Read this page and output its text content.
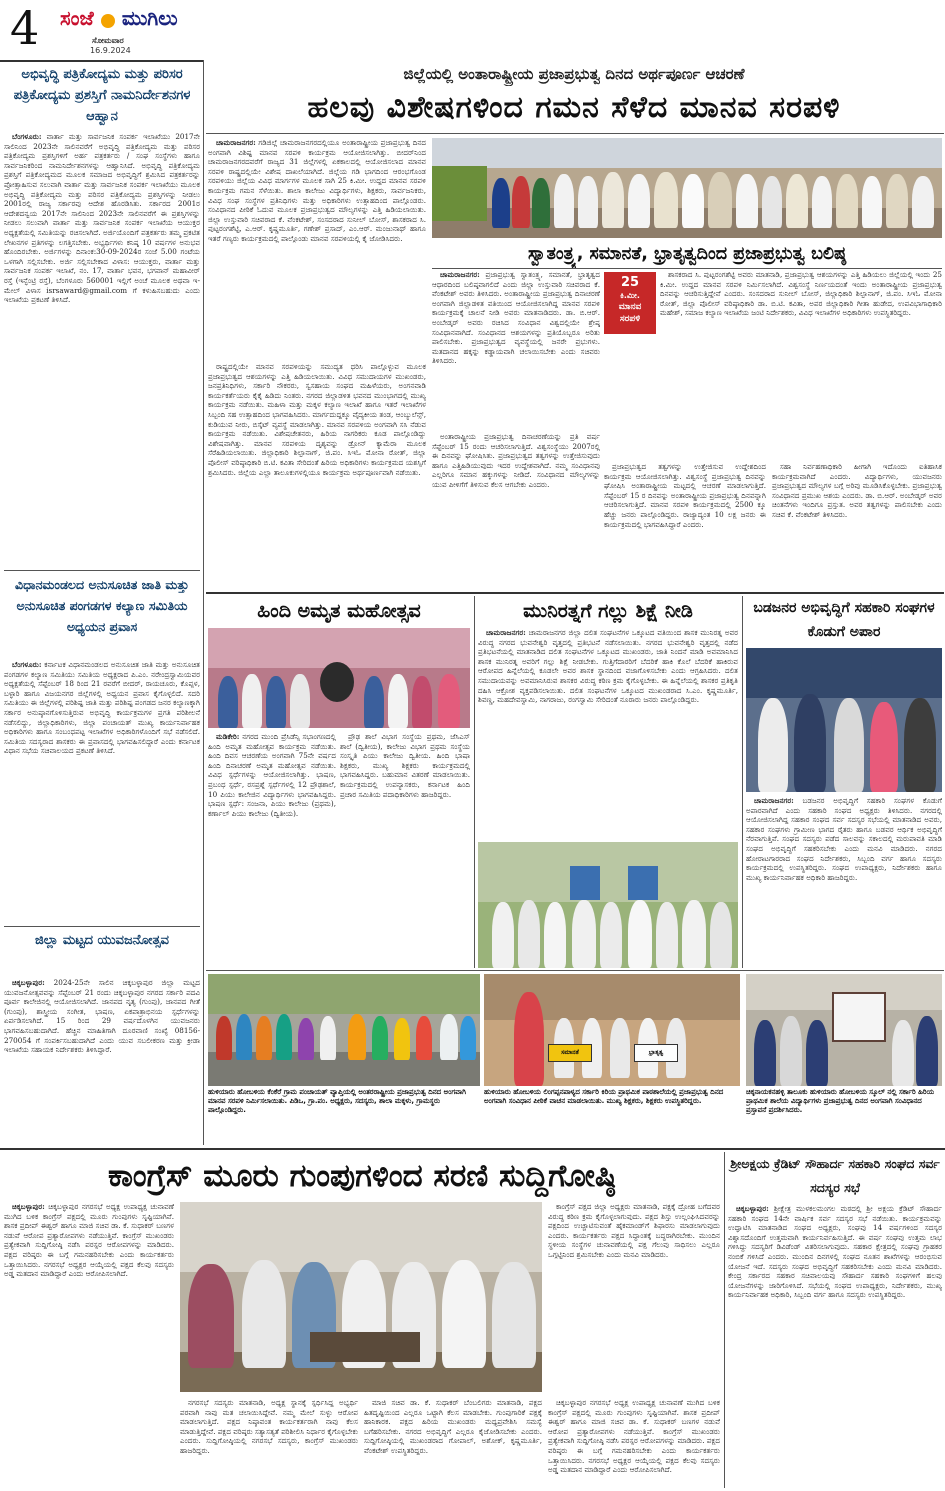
4 ಸಂಜೆ ಮುಗಿಲು
ಸೋಮವಾರ
16.9.2024
ಅಭಿವೃದ್ಧಿ ಪತ್ರಿಕೋದ್ಯಮ ಮತ್ತು ಪರಿಸರ ಪತ್ರಿಕೋದ್ಯಮ ಪ್ರಶಸ್ತಿಗೆ ನಾಮನಿರ್ದೇಶನಗಳ ಆಹ್ವಾನ

ಬೆಂಗಳೂರು: ವಾರ್ತಾ ಮತ್ತು ಸಾರ್ವಜನಿಕ ಸಂಪರ್ಕ ಇಲಾಖೆಯು 2017ನೇ ಸಾಲಿನಿಂದ 2023ನೇ ಸಾಲಿನವರೆಗೆ ಅಭಿವೃದ್ಧಿ ಪತ್ರಿಕೋದ್ಯಮ ಮತ್ತು ಪರಿಸರ ಪತ್ರಿಕೋದ್ಯಮ ಪ್ರಶಸ್ತಿಗಳಿಗೆ ಅರ್ಹ ಪತ್ರಕರ್ತರು / ಸಂಘ ಸಂಸ್ಥೆಗಳು ಹಾಗೂ ಸಾರ್ವಜನಿಕರಿಂದ ನಾಮನಿರ್ದೇಶನಗಳನ್ನು ಆಹ್ವಾನಿಸಿದೆ. ಅಭಿವೃದ್ಧಿ ಪತ್ರಿಕೋದ್ಯಮ ಪ್ರಶಸ್ತಿಗೆ ಪತ್ರಿಕೋದ್ಯಮದ ಮೂಲಕ ಸಮಾಜದ ಅಭಿವೃದ್ಧಿಗೆ ಶ್ರಮಿಸಿದ ಪತ್ರಕರ್ತರನ್ನು ಪ್ರೋತ್ಸಾಹಿಸುವ ಸಲುವಾಗಿ ವಾರ್ತಾ ಮತ್ತು ಸಾರ್ವಜನಿಕ ಸಂಪರ್ಕ ಇಲಾಖೆಯು ಮೂಲಕ ಅಭಿವೃದ್ಧಿ ಪತ್ರಿಕೋದ್ಯಮ ಮತ್ತು ಪರಿಸರ ಪತ್ರಿಕೋದ್ಯಮ ಪ್ರಶಸ್ತಿಗಳನ್ನು ನೀಡಲು 2001ರಲ್ಲಿ ರಾಜ್ಯ ಸರ್ಕಾರವು ಆದೇಶ ಹೊರಡಿಸಿತು. ಸರ್ಕಾರದ 2001ರ ಆದೇಶದನ್ವಯ 2017ನೇ ಸಾಲಿನಿಂದ 2023ನೇ ಸಾಲಿನವರೆಗೆ ಈ ಪ್ರಶಸ್ತಿಗಳನ್ನು ನೀಡಲು ಸಲುವಾಗಿ ವಾರ್ತಾ ಮತ್ತು ಸಾರ್ವಜನಿಕ ಸಂಪರ್ಕ ಇಲಾಖೆಯ ಆಯುಕ್ತರ ಅಧ್ಯಕ್ಷತೆಯಲ್ಲಿ ಸಮಿತಿಯನ್ನು ರಚಿಸಲಾಗಿದೆ. ಅರ್ಜಿಯೊಂದಿಗೆ ಪತ್ರಕರ್ತರು ತಮ್ಮ ಪ್ರಕಟಿತ ಲೇಖನಗಳ ಪ್ರತಿಗಳನ್ನು ಲಗತ್ತಿಸಬೇಕು. ಅಭ್ಯರ್ಥಿಗಳು ಕನಿಷ್ಠ 10 ವರ್ಷಗಳ ಅನುಭವ ಹೊಂದಿರಬೇಕು. ಅರ್ಜಿಗಳನ್ನು ದಿನಾಂಕ:30-09-2024ರ ಸಂಜೆ 5.00 ಗಂಟೆಯ ಒಳಗಾಗಿ ಸಲ್ಲಿಸಬೇಕು. ಅರ್ಜಿ ಸಲ್ಲಿಸಬೇಕಾದ ವಿಳಾಸ: ಆಯುಕ್ತರು, ವಾರ್ತಾ ಮತ್ತು ಸಾರ್ವಜನಿಕ ಸಂಪರ್ಕ ಇಲಾಖೆ, ನಂ. 17, ವಾರ್ತಾ ಭವನ, ಭಗವಾನ್ ಮಹಾವೀರ್ ರಸ್ತೆ (ಇನ್ಫೆಂಟ್ರಿ ರಸ್ತೆ), ಬೆಂಗಳೂರು 560001 ಇಲ್ಲಿಗೆ ಅಂಚೆ ಮೂಲಕ ಅಥವಾ ಇ-ಮೇಲ್ ವಿಳಾಸ isrsaward@gmail.com ಗೆ ಕಳುಹಿಸಬಹುದು ಎಂದು ಇಲಾಖೆಯ ಪ್ರಕಟಣೆ ತಿಳಿಸಿದೆ.

ವಿಧಾನಮಂಡಲದ ಅನುಸೂಚಿತ ಜಾತಿ ಮತ್ತು ಅನುಸೂಚಿತ ಪಂಗಡಗಳ ಕಲ್ಯಾಣ ಸಮಿತಿಯ ಅಧ್ಯಯನ ಪ್ರವಾಸ

ಬೆಂಗಳೂರು: ಕರ್ನಾಟಕ ವಿಧಾನಮಂಡಲದ ಅನುಸೂಚಿತ ಜಾತಿ ಮತ್ತು ಅನುಸೂಚಿತ ಪಂಗಡಗಳ ಕಲ್ಯಾಣ ಸಮಿತಿಯು ಸಮಿತಿಯ ಅಧ್ಯಕ್ಷರಾದ ಪಿ.ಎಂ. ನರೇಂದ್ರಸ್ವಾಮಿಯವರ ಅಧ್ಯಕ್ಷತೆಯಲ್ಲಿ ಸೆಪ್ಟೆಂಬರ್ 18 ರಿಂದ 21 ರವರೆಗೆ ಬೀದರ್, ರಾಯಚೂರು, ಕೊಪ್ಪಳ, ಬಳ್ಳಾರಿ ಹಾಗೂ ವಿಜಯನಗರ ಜಿಲ್ಲೆಗಳಲ್ಲಿ ಅಧ್ಯಯನ ಪ್ರವಾಸ ಕೈಗೊಳ್ಳಲಿದೆ. ಸದರಿ ಸಮಿತಿಯು ಈ ಜಿಲ್ಲೆಗಳಲ್ಲಿ ಪರಿಶಿಷ್ಟ ಜಾತಿ ಮತ್ತು ಪರಿಶಿಷ್ಟ ಪಂಗಡದ ಜನರ ಕಲ್ಯಾಣಕ್ಕಾಗಿ ಸರ್ಕಾರ ಅನುಷ್ಠಾನಗೊಳಿಸುತ್ತಿರುವ ಅಭಿವೃದ್ಧಿ ಕಾರ್ಯಕ್ರಮಗಳ ಪ್ರಗತಿ ಪರಿಶೀಲನೆ ನಡೆಸಲಿದ್ದು, ಜಿಲ್ಲಾಧಿಕಾರಿಗಳು, ಜಿಲ್ಲಾ ಪಂಚಾಯತ್ ಮುಖ್ಯ ಕಾರ್ಯನಿರ್ವಾಹಕ ಅಧಿಕಾರಿಗಳು ಹಾಗೂ ಸಂಬಂಧಪಟ್ಟ ಇಲಾಖೆಗಳ ಅಧಿಕಾರಿಗಳೊಂದಿಗೆ ಸಭೆ ನಡೆಸಲಿದೆ. ಸಮಿತಿಯ ಸದಸ್ಯರಾದ ಶಾಸಕರು ಈ ಪ್ರವಾಸದಲ್ಲಿ ಭಾಗವಹಿಸಲಿದ್ದಾರೆ ಎಂದು ಕರ್ನಾಟಕ ವಿಧಾನ ಸಭೆಯ ಸಚಿವಾಲಯದ ಪ್ರಕಟಣೆ ತಿಳಿಸಿದೆ.

ಜಿಲ್ಲಾ ಮಟ್ಟದ ಯುವಜನೋತ್ಸವ

ಚಿಕ್ಕಬಳ್ಳಾಪುರ: 2024-25ನೇ ಸಾಲಿನ ಚಿಕ್ಕಬಳ್ಳಾಪುರ ಜಿಲ್ಲಾ ಮಟ್ಟದ ಯುವಜನೋತ್ಸವವನ್ನು ಸೆಪ್ಟೆಂಬರ್ 21 ರಂದು ಚಿಕ್ಕಬಳ್ಳಾಪುರ ನಗರದ ಸರ್ಕಾರಿ ಪದವಿ ಪೂರ್ವ ಕಾಲೇಜಿನಲ್ಲಿ ಆಯೋಜಿಸಲಾಗಿದೆ. ಜಾನಪದ ನೃತ್ಯ (ಗುಂಪು), ಜಾನಪದ ಗೀತೆ (ಗುಂಪು), ಶಾಸ್ತ್ರೀಯ ಸಂಗೀತ, ಭಾಷಣ, ಏಕಪಾತ್ರಾಭಿನಯ ಸ್ಪರ್ಧೆಗಳನ್ನು ಏರ್ಪಡಿಸಲಾಗಿದೆ. 15 ರಿಂದ 29 ವರ್ಷದೊಳಗಿನ ಯುವಜನರು ಭಾಗವಹಿಸಬಹುದಾಗಿದೆ. ಹೆಚ್ಚಿನ ಮಾಹಿತಿಗಾಗಿ ದೂರವಾಣಿ ಸಂಖ್ಯೆ 08156-270054 ಗೆ ಸಂಪರ್ಕಿಸಬಹುದಾಗಿದೆ ಎಂದು ಯುವ ಸಬಲೀಕರಣ ಮತ್ತು ಕ್ರೀಡಾ ಇಲಾಖೆಯ ಸಹಾಯಕ ನಿರ್ದೇಶಕರು ತಿಳಿಸಿದ್ದಾರೆ.

ಜಿಲ್ಲೆಯಲ್ಲಿ ಅಂತಾರಾಷ್ಟ್ರೀಯ ಪ್ರಜಾಪ್ರಭುತ್ವ ದಿನದ ಅರ್ಥಪೂರ್ಣ ಆಚರಣೆ
ಹಲವು ವಿಶೇಷಗಳಿಂದ ಗಮನ ಸೆಳೆದ ಮಾನವ ಸರಪಳಿ

ಚಾಮರಾಜನಗರ: ಗಡಿಜಿಲ್ಲೆ ಚಾಮರಾಜನಗರದಲ್ಲಿಯೂ ಅಂತಾರಾಷ್ಟ್ರೀಯ ಪ್ರಜಾಪ್ರಭುತ್ವ ದಿನದ ಅಂಗವಾಗಿ ವಿಶಿಷ್ಟ ಮಾನವ ಸರಪಳಿ ಕಾರ್ಯಕ್ರಮ ಆಯೋಜಿಸಲಾಗಿತ್ತು. ಬೀದರ್‌ನಿಂದ ಚಾಮರಾಜನಗರದವರೆಗೆ ರಾಜ್ಯದ 31 ಜಿಲ್ಲೆಗಳಲ್ಲಿ ಏಕಕಾಲದಲ್ಲಿ ಆಯೋಜಿಸಲಾದ ಮಾನವ ಸರಪಳಿ ರಾಷ್ಟ್ರದಲ್ಲಿಯೇ ವಿಶೇಷ ದಾಖಲೆಯಾಗಿದೆ. ಜಿಲ್ಲೆಯ ಗಡಿ ಭಾಗದಿಂದ ಆರಂಭಗೊಂಡ ಸರಪಳಿಯು ಜಿಲ್ಲೆಯ ವಿವಿಧ ಮಾರ್ಗಗಳ ಮೂಲಕ ಸಾಗಿ 25 ಕಿ.ಮೀ. ಉದ್ದದ ಮಾನವ ಸರಪಳಿ ಕಾರ್ಯಕ್ರಮ ಗಮನ ಸೆಳೆಯಿತು. ಶಾಲಾ ಕಾಲೇಜು ವಿದ್ಯಾರ್ಥಿಗಳು, ಶಿಕ್ಷಕರು, ಸಾರ್ವಜನಿಕರು, ವಿವಿಧ ಸಂಘ ಸಂಸ್ಥೆಗಳ ಪ್ರತಿನಿಧಿಗಳು ಮತ್ತು ಅಧಿಕಾರಿಗಳು ಉತ್ಸಾಹದಿಂದ ಪಾಲ್ಗೊಂಡರು. ಸಂವಿಧಾನದ ಪೀಠಿಕೆ ಓದುವ ಮೂಲಕ ಪ್ರಜಾಪ್ರಭುತ್ವದ ಮೌಲ್ಯಗಳನ್ನು ಎತ್ತಿ ಹಿಡಿಯಲಾಯಿತು. ಜಿಲ್ಲಾ ಉಸ್ತುವಾರಿ ಸಚಿವರಾದ ಕೆ. ವೆಂಕಟೇಶ್, ಸಂಸದರಾದ ಸುನೀಲ್ ಬೋಸ್, ಶಾಸಕರಾದ ಸಿ. ಪುಟ್ಟರಂಗಶೆಟ್ಟಿ, ಎ.ಆರ್. ಕೃಷ್ಣಮೂರ್ತಿ, ಗಣೇಶ್ ಪ್ರಸಾದ್, ಎಂ.ಆರ್. ಮಂಜುನಾಥ್ ಹಾಗೂ ಇತರೆ ಗಣ್ಯರು ಕಾರ್ಯಕ್ರಮದಲ್ಲಿ ಪಾಲ್ಗೊಂಡು ಮಾನವ ಸರಪಳಿಯಲ್ಲಿ ಕೈ ಜೋಡಿಸಿದರು.

ರಾಷ್ಟ್ರದಲ್ಲಿಯೇ ಮಾನವ ಸರಪಳಿಯನ್ನು ಸಮುದ್ಯತ ಧರಿಸಿ ಪಾಲ್ಗೊಳ್ಳುವ ಮೂಲಕ ಪ್ರಜಾಪ್ರಭುತ್ವದ ಆಶಯಗಳನ್ನು ಎತ್ತಿ ಹಿಡಿಯಲಾಯಿತು. ವಿವಿಧ ಸಮುದಾಯಗಳ ಮುಖಂಡರು, ಜನಪ್ರತಿನಿಧಿಗಳು, ಸರ್ಕಾರಿ ನೌಕರರು, ಸ್ವಸಹಾಯ ಸಂಘದ ಮಹಿಳೆಯರು, ಅಂಗನವಾಡಿ ಕಾರ್ಯಕರ್ತೆಯರು ಕೈಕೈ ಹಿಡಿದು ನಿಂತರು. ನಗರದ ಜಿಲ್ಲಾಡಳಿತ ಭವನದ ಮುಂಭಾಗದಲ್ಲಿ ಮುಖ್ಯ ಕಾರ್ಯಕ್ರಮ ನಡೆಯಿತು. ಮಹಿಳಾ ಮತ್ತು ಮಕ್ಕಳ ಕಲ್ಯಾಣ ಇಲಾಖೆ ಹಾಗೂ ಇತರೆ ಇಲಾಖೆಗಳ ಸಿಬ್ಬಂದಿ ಸಹ ಉತ್ಸಾಹದಿಂದ ಭಾಗವಹಿಸಿದರು. ಮಾರ್ಗದುದ್ದಕ್ಕೂ ವೈದ್ಯಕೀಯ ತಂಡ, ಆಂಬ್ಯುಲೆನ್ಸ್, ಕುಡಿಯುವ ನೀರು, ಬಿಸ್ಕೆಟ್ ವ್ಯವಸ್ಥೆ ಮಾಡಲಾಗಿತ್ತು. ಮಾನವ ಸರಪಳಿಯ ಅಂಗವಾಗಿ ಸಸಿ ನೆಡುವ ಕಾರ್ಯಕ್ರಮ ನಡೆಯಿತು. ವಿಶೇಷಚೇತನರು, ಹಿರಿಯ ನಾಗರಿಕರು ಕೂಡ ಪಾಲ್ಗೊಂಡಿದ್ದು ವಿಶೇಷವಾಗಿತ್ತು. ಮಾನವ ಸರಪಳಿಯ ದೃಶ್ಯವನ್ನು ಡ್ರೋನ್ ಕ್ಯಾಮೆರಾ ಮೂಲಕ ಸೆರೆಹಿಡಿಯಲಾಯಿತು. ಜಿಲ್ಲಾಧಿಕಾರಿ ಶಿಲ್ಪಾನಾಗ್, ಜಿ.ಪಂ. ಸಿಇಓ ಮೋನಾ ರೋತ್, ಜಿಲ್ಲಾ ಪೊಲೀಸ್ ವರಿಷ್ಠಾಧಿಕಾರಿ ಬಿ.ಟಿ. ಕವಿತಾ ಸೇರಿದಂತೆ ಹಿರಿಯ ಅಧಿಕಾರಿಗಳು ಕಾರ್ಯಕ್ರಮದ ಯಶಸ್ಸಿಗೆ ಶ್ರಮಿಸಿದರು. ಜಿಲ್ಲೆಯ ಎಲ್ಲಾ ತಾಲೂಕುಗಳಲ್ಲಿಯೂ ಕಾರ್ಯಕ್ರಮ ಅರ್ಥಪೂರ್ಣವಾಗಿ ನಡೆಯಿತು.

ಸ್ವಾತಂತ್ರ್ಯ, ಸಮಾನತೆ, ಭ್ರಾತೃತ್ವದಿಂದ ಪ್ರಜಾಪ್ರಭುತ್ವ ಬಲಿಷ್ಠ

ಚಾಮರಾಜನಗರ: ಪ್ರಜಾಪ್ರಭುತ್ವ ಸ್ವಾತಂತ್ರ್ಯ, ಸಮಾನತೆ, ಭ್ರಾತೃತ್ವದ ಆಧಾರದಿಂದ ಬಲಿಷ್ಠವಾಗಲಿದೆ ಎಂದು ಜಿಲ್ಲಾ ಉಸ್ತುವಾರಿ ಸಚಿವರಾದ ಕೆ. ವೆಂಕಟೇಶ್ ಅವರು ತಿಳಿಸಿದರು. ಅಂತಾರಾಷ್ಟ್ರೀಯ ಪ್ರಜಾಪ್ರಭುತ್ವ ದಿನಾಚರಣೆ ಅಂಗವಾಗಿ ಜಿಲ್ಲಾಡಳಿತ ವತಿಯಿಂದ ಆಯೋಜಿಸಲಾಗಿದ್ದ ಮಾನವ ಸರಪಳಿ ಕಾರ್ಯಕ್ರಮಕ್ಕೆ ಚಾಲನೆ ನೀಡಿ ಅವರು ಮಾತನಾಡಿದರು. ಡಾ. ಬಿ.ಆರ್. ಅಂಬೇಡ್ಕರ್ ಅವರು ರಚಿಸಿದ ಸಂವಿಧಾನ ವಿಶ್ವದಲ್ಲಿಯೇ ಶ್ರೇಷ್ಠ ಸಂವಿಧಾನವಾಗಿದೆ. ಸಂವಿಧಾನದ ಆಶಯಗಳನ್ನು ಪ್ರತಿಯೊಬ್ಬರೂ ಅರಿತು ಪಾಲಿಸಬೇಕು. ಪ್ರಜಾಪ್ರಭುತ್ವದ ವ್ಯವಸ್ಥೆಯಲ್ಲಿ ಜನರೇ ಪ್ರಭುಗಳು. ಮತದಾನದ ಹಕ್ಕನ್ನು ಕಡ್ಡಾಯವಾಗಿ ಚಲಾಯಿಸಬೇಕು ಎಂದು ಸಚಿವರು ತಿಳಿಸಿದರು.

ಅಂತಾರಾಷ್ಟ್ರೀಯ ಪ್ರಜಾಪ್ರಭುತ್ವ ದಿನಾಚರಣೆಯನ್ನು ಪ್ರತಿ ವರ್ಷ ಸೆಪ್ಟೆಂಬರ್ 15 ರಂದು ಆಚರಿಸಲಾಗುತ್ತಿದೆ. ವಿಶ್ವಸಂಸ್ಥೆಯು 2007ರಲ್ಲಿ ಈ ದಿನವನ್ನು ಘೋಷಿಸಿತು. ಪ್ರಜಾಪ್ರಭುತ್ವದ ತತ್ವಗಳನ್ನು ಉತ್ತೇಜಿಸುವುದು ಹಾಗೂ ಎತ್ತಿಹಿಡಿಯುವುದು ಇದರ ಉದ್ದೇಶವಾಗಿದೆ. ನಮ್ಮ ಸಂವಿಧಾನವು ಎಲ್ಲರಿಗೂ ಸಮಾನ ಹಕ್ಕುಗಳನ್ನು ನೀಡಿದೆ. ಸಂವಿಧಾನದ ಮೌಲ್ಯಗಳನ್ನು ಯುವ ಪೀಳಿಗೆಗೆ ತಿಳಿಸುವ ಕೆಲಸ ಆಗಬೇಕು ಎಂದರು.

25
ಕಿ.ಮೀ.
ಮಾನವ
ಸರಪಳಿ

ಶಾಸಕರಾದ ಸಿ. ಪುಟ್ಟರಂಗಶೆಟ್ಟಿ ಅವರು ಮಾತನಾಡಿ, ಪ್ರಜಾಪ್ರಭುತ್ವ ಆಶಯಗಳನ್ನು ಎತ್ತಿ ಹಿಡಿಯಲು ಜಿಲ್ಲೆಯಲ್ಲಿ ಇಂದು 25 ಕಿ.ಮೀ. ಉದ್ದದ ಮಾನವ ಸರಪಳಿ ನಿರ್ಮಿಸಲಾಗಿದೆ. ವಿಶ್ವಸಂಸ್ಥೆ ನಿರ್ಣಯದಂತೆ ಇಂದು ಅಂತಾರಾಷ್ಟ್ರೀಯ ಪ್ರಜಾಪ್ರಭುತ್ವ ದಿನವನ್ನು ಆಚರಿಸುತ್ತಿದ್ದೇವೆ ಎಂದರು. ಸಂಸದರಾದ ಸುನೀಲ್ ಬೋಸ್, ಜಿಲ್ಲಾಧಿಕಾರಿ ಶಿಲ್ಪಾನಾಗ್, ಜಿ.ಪಂ. ಸಿಇಓ ಮೋನಾ ರೋತ್, ಜಿಲ್ಲಾ ಪೊಲೀಸ್ ವರಿಷ್ಠಾಧಿಕಾರಿ ಡಾ. ಬಿ.ಟಿ. ಕವಿತಾ, ಅಪರ ಜಿಲ್ಲಾಧಿಕಾರಿ ಗೀತಾ ಹುಡೇದ, ಉಪವಿಭಾಗಾಧಿಕಾರಿ ಮಹೇಶ್, ಸಮಾಜ ಕಲ್ಯಾಣ ಇಲಾಖೆಯ ಜಂಟಿ ನಿರ್ದೇಶಕರು, ವಿವಿಧ ಇಲಾಖೆಗಳ ಅಧಿಕಾರಿಗಳು ಉಪಸ್ಥಿತರಿದ್ದರು.

ಪ್ರಜಾಪ್ರಭುತ್ವದ ತತ್ವಗಳನ್ನು ಉತ್ತೇಜಿಸುವ ಉದ್ದೇಶದಿಂದ ಕಾರ್ಯಕ್ರಮ ಆಯೋಜಿಸಲಾಗಿತ್ತು. ವಿಶ್ವಸಂಸ್ಥೆ ಪ್ರಜಾಪ್ರಭುತ್ವ ದಿನವನ್ನು ಘೋಷಿಸಿ ಅಂತಾರಾಷ್ಟ್ರೀಯ ಮಟ್ಟದಲ್ಲಿ ಆಚರಣೆ ಮಾಡಲಾಗುತ್ತಿದೆ. ಸೆಪ್ಟೆಂಬರ್ 15 ರ ದಿನವನ್ನು ಅಂತಾರಾಷ್ಟ್ರೀಯ ಪ್ರಜಾಪ್ರಭುತ್ವ ದಿನವನ್ನಾಗಿ ಆಚರಿಸಲಾಗುತ್ತಿದೆ. ಮಾನವ ಸರಪಳಿ ಕಾರ್ಯಕ್ರಮದಲ್ಲಿ 2500 ಕ್ಕೂ ಹೆಚ್ಚು ಜನರು ಪಾಲ್ಗೊಂಡಿದ್ದರು. ರಾಜ್ಯಾದ್ಯಂತ 10 ಲಕ್ಷ ಜನರು ಈ ಕಾರ್ಯಕ್ರಮದಲ್ಲಿ ಭಾಗವಹಿಸಿದ್ದಾರೆ ಎಂದರು.

ಸಹಾ ನಿರ್ವಹಣಾಧಿಕಾರಿ ಹೀಗಾಗಿ ಇದೊಂದು ಐತಿಹಾಸಿಕ ಕಾರ್ಯಕ್ರಮವಾಗಿದೆ ಎಂದರು. ವಿದ್ಯಾರ್ಥಿಗಳು, ಯುವಜನರು ಪ್ರಜಾಪ್ರಭುತ್ವದ ಮೌಲ್ಯಗಳ ಬಗ್ಗೆ ಅರಿವು ಮೂಡಿಸಿಕೊಳ್ಳಬೇಕು. ಪ್ರಜಾಪ್ರಭುತ್ವ ಸಂವಿಧಾನದ ಪ್ರಮುಖ ಆಶಯ ಎಂದರು. ಡಾ. ಬಿ.ಆರ್. ಅಂಬೇಡ್ಕರ್ ಅವರ ಚಿಂತನೆಗಳು ಇಂದಿಗೂ ಪ್ರಸ್ತುತ. ಅವರ ತತ್ವಗಳನ್ನು ಪಾಲಿಸಬೇಕು ಎಂದು ಸಚಿವ ಕೆ. ವೆಂಕಟೇಶ್ ತಿಳಿಸಿದರು.

ಹಿಂದಿ ಅಮೃತ ಮಹೋತ್ಸವ

ಮಡಿಕೇರಿ: ನಗರದ ಮುಂದಿ ಪ್ರೆಸಿಡೆನ್ಸಿ ಸಭಾಂಗಣದಲ್ಲಿ ಹಿಂದಿ ಅಮೃತ ಮಹೋತ್ಸವ ಕಾರ್ಯಕ್ರಮ ನಡೆಯಿತು. ಹಿಂದಿ ದಿವಸ ಆಚರಣೆಯ ಅಂಗವಾಗಿ 75ನೇ ವರ್ಷದ ಹಿಂದಿ ದಿನಾಚರಣೆ ಅಮೃತ ಮಹೋತ್ಸವ ನಡೆಯಿತು. ವಿವಿಧ ಸ್ಪರ್ಧೆಗಳನ್ನು ಆಯೋಜಿಸಲಾಗಿತ್ತು. ಭಾಷಣ, ಪ್ರಬಂಧ ಸ್ಪರ್ಧೆ, ರಸಪ್ರಶ್ನೆ ಸ್ಪರ್ಧೆಗಳಲ್ಲಿ 12 ಪ್ರೌಢಶಾಲೆ, 10 ಪಿಯು ಕಾಲೇಜಿನ ವಿದ್ಯಾರ್ಥಿಗಳು ಭಾಗವಹಿಸಿದ್ದರು. ಭಾಷಣ ಸ್ಪರ್ಧೆ: ಸಂಜನಾ, ಪಿಯು ಕಾಲೇಜು (ಪ್ರಥಮ), ಕರ್ಣಾಲ್ ಪಿಯು ಕಾಲೇಜು (ದ್ವಿತೀಯ).

ಪ್ರೌಢ ಶಾಲೆ ವಿಭಾಗ ಸಂಸ್ಥೆಯ ಪ್ರಥಮ, ಜೆಸಿಎಸ್ ಶಾಲೆ (ದ್ವಿತೀಯ), ಕಾಲೇಜು ವಿಭಾಗ ಪ್ರಥಮ ಸಂಸ್ಥೆಯ ಸಂಸ್ಕೃತಿ ಪಿಯು ಕಾಲೇಜು ದ್ವಿತೀಯ. ಹಿಂದಿ ಭಾಷಾ ಶಿಕ್ಷಕರು, ಮುಖ್ಯ ಶಿಕ್ಷಕರು ಕಾರ್ಯಕ್ರಮದಲ್ಲಿ ಭಾಗವಹಿಸಿದ್ದರು. ಬಹುಮಾನ ವಿತರಣೆ ಮಾಡಲಾಯಿತು. ಕಾರ್ಯಕ್ರಮದಲ್ಲಿ ಉಪನ್ಯಾಸಕರು, ಕರ್ನಾಟಕ ಹಿಂದಿ ಪ್ರಚಾರ ಸಮಿತಿಯ ಪದಾಧಿಕಾರಿಗಳು ಹಾಜರಿದ್ದರು.

ಮುನಿರತ್ನಗೆ ಗಲ್ಲು ಶಿಕ್ಷೆ ನೀಡಿ

ಚಾಮರಾಜನಗರ: ಚಾಮರಾಜನಗರ ಜಿಲ್ಲಾ ದಲಿತ ಸಂಘಟನೆಗಳ ಒಕ್ಕೂಟದ ವತಿಯಿಂದ ಶಾಸಕ ಮುನಿರತ್ನ ಅವರ ವಿರುದ್ಧ ನಗರದ ಭುವನೇಶ್ವರಿ ವೃತ್ತದಲ್ಲಿ ಪ್ರತಿಭಟನೆ ನಡೆಸಲಾಯಿತು. ನಗರದ ಭುವನೇಶ್ವರಿ ವೃತ್ತದಲ್ಲಿ ನಡೆದ ಪ್ರತಿಭಟನೆಯಲ್ಲಿ ಮಾತನಾಡಿದ ದಲಿತ ಸಂಘಟನೆಗಳ ಒಕ್ಕೂಟದ ಮುಖಂಡರು, ಜಾತಿ ನಿಂದನೆ ಮಾಡಿ ಅವಮಾನಿಸಿದ ಶಾಸಕ ಮುನಿರತ್ನ ಅವರಿಗೆ ಗಲ್ಲು ಶಿಕ್ಷೆ ನೀಡಬೇಕು. ಗುತ್ತಿಗೆದಾರರಿಗೆ ಬೆದರಿಕೆ ಹಾಕಿ ಕೊಲೆ ಬೆದರಿಕೆ ಹಾಕಿರುವ ಆರೋಪದ ಹಿನ್ನೆಲೆಯಲ್ಲಿ ಕೂಡಲೇ ಅವರ ಶಾಸಕ ಸ್ಥಾನದಿಂದ ವಜಾಗೊಳಿಸಬೇಕು ಎಂದು ಆಗ್ರಹಿಸಿದರು. ದಲಿತ ಸಮುದಾಯವನ್ನು ಅವಮಾನಿಸಿರುವ ಶಾಸಕರ ವಿರುದ್ಧ ಕಠಿಣ ಕ್ರಮ ಕೈಗೊಳ್ಳಬೇಕು. ಈ ಹಿನ್ನೆಲೆಯಲ್ಲಿ ಶಾಸಕರ ಪ್ರತಿಕೃತಿ ದಹಿಸಿ ಆಕ್ರೋಶ ವ್ಯಕ್ತಪಡಿಸಲಾಯಿತು. ದಲಿತ ಸಂಘಟನೆಗಳ ಒಕ್ಕೂಟದ ಮುಖಂಡರಾದ ಸಿ.ಎಂ. ಕೃಷ್ಣಮೂರ್ತಿ, ಶಿವಣ್ಣ, ಮಹದೇವಸ್ವಾಮಿ, ನಾಗರಾಜು, ರಂಗಸ್ವಾಮಿ ಸೇರಿದಂತೆ ನೂರಾರು ಜನರು ಪಾಲ್ಗೊಂಡಿದ್ದರು.

ಬಡಜನರ ಅಭಿವೃದ್ಧಿಗೆ ಸಹಕಾರಿ ಸಂಘಗಳ ಕೊಡುಗೆ ಅಪಾರ

ಚಾಮರಾಜನಗರ: ಬಡಜನರ ಅಭಿವೃದ್ಧಿಗೆ ಸಹಕಾರಿ ಸಂಘಗಳ ಕೊಡುಗೆ ಅಪಾರವಾಗಿದೆ ಎಂದು ಸಹಕಾರಿ ಸಂಘದ ಅಧ್ಯಕ್ಷರು ತಿಳಿಸಿದರು. ನಗರದಲ್ಲಿ ಆಯೋಜಿಸಲಾಗಿದ್ದ ಸಹಕಾರ ಸಂಘದ ಸರ್ವ ಸದಸ್ಯರ ಸಭೆಯಲ್ಲಿ ಮಾತನಾಡಿದ ಅವರು, ಸಹಕಾರ ಸಂಘಗಳು ಗ್ರಾಮೀಣ ಭಾಗದ ರೈತರು ಹಾಗೂ ಬಡವರ ಆರ್ಥಿಕ ಅಭಿವೃದ್ಧಿಗೆ ನೆರವಾಗುತ್ತಿವೆ. ಸಂಘದ ಸದಸ್ಯರು ಪಡೆದ ಸಾಲವನ್ನು ಸಕಾಲದಲ್ಲಿ ಮರುಪಾವತಿ ಮಾಡಿ ಸಂಘದ ಅಭಿವೃದ್ಧಿಗೆ ಸಹಕರಿಸಬೇಕು ಎಂದು ಮನವಿ ಮಾಡಿದರು. ನಗರದ ಹೋರಾಟಗಾರರಾದ ಸಂಘದ ನಿರ್ದೇಶಕರು, ಸಿಬ್ಬಂದಿ ವರ್ಗ ಹಾಗೂ ಸದಸ್ಯರು ಕಾರ್ಯಕ್ರಮದಲ್ಲಿ ಉಪಸ್ಥಿತರಿದ್ದರು. ಸಂಘದ ಉಪಾಧ್ಯಕ್ಷರು, ನಿರ್ದೇಶಕರು ಹಾಗೂ ಮುಖ್ಯ ಕಾರ್ಯನಿರ್ವಾಹಕ ಅಧಿಕಾರಿ ಹಾಜರಿದ್ದರು.

ಹುಳಿಯಾರು ಹೋಬಳಿಯ ಕೆಂಕೆರೆ ಗ್ರಾಮ ಪಂಚಾಯತ್ ವ್ಯಾಪ್ತಿಯಲ್ಲಿ ಅಂತರರಾಷ್ಟ್ರೀಯ ಪ್ರಜಾಪ್ರಭುತ್ವ ದಿನದ ಅಂಗವಾಗಿ ಮಾನವ ಸರಪಳಿ ನಿರ್ಮಿಸಲಾಯಿತು. ಪಿಡಿಒ, ಗ್ರಾ.ಪಂ. ಅಧ್ಯಕ್ಷರು, ಸದಸ್ಯರು, ಶಾಲಾ ಮಕ್ಕಳು, ಗ್ರಾಮಸ್ಥರು ಪಾಲ್ಗೊಂಡಿದ್ದರು.
ಸಮಾನತೆ	ಭ್ರಾತೃತ್ವ
ಹುಳಿಯಾರು ಹೋಬಳಿಯ ಲಿಂಗಪ್ಪನಪಾಳ್ಯದ ಸರ್ಕಾರಿ ಕಿರಿಯ ಪ್ರಾಥಮಿಕ ಪಾಠಶಾಲೆಯಲ್ಲಿ ಪ್ರಜಾಪ್ರಭುತ್ವ ದಿನದ ಅಂಗವಾಗಿ ಸಂವಿಧಾನ ಪೀಠಿಕೆ ವಾಚನ ಮಾಡಲಾಯಿತು. ಮುಖ್ಯ ಶಿಕ್ಷಕರು, ಶಿಕ್ಷಕರು ಉಪಸ್ಥಿತರಿದ್ದರು.
ಚಿಕ್ಕನಾಯಕನಹಳ್ಳಿ ತಾಲೂಕು ಹುಳಿಯಾರು ಹೋಬಳಿಯ ಸ್ಕೂಲ್ ನಲ್ಲಿ ಸರ್ಕಾರಿ ಹಿರಿಯ ಪ್ರಾಥಮಿಕ ಶಾಲೆಯ ವಿದ್ಯಾರ್ಥಿಗಳು ಪ್ರಜಾಪ್ರಭುತ್ವ ದಿನದ ಅಂಗವಾಗಿ ಸಂವಿಧಾನದ ಪ್ರಸ್ತಾವನೆ ಪ್ರದರ್ಶಿಸಿದರು.
ಕಾಂಗ್ರೆಸ್ ಮೂರು ಗುಂಪುಗಳಿಂದ ಸರಣಿ ಸುದ್ದಿಗೋಷ್ಠಿ

ಚಿಕ್ಕಬಳ್ಳಾಪುರ: ಚಿಕ್ಕಬಳ್ಳಾಪುರ ನಗರಸಭೆ ಅಧ್ಯಕ್ಷ ಉಪಾಧ್ಯಕ್ಷ ಚುನಾವಣೆ ಮುಗಿದ ಬಳಿಕ ಕಾಂಗ್ರೆಸ್ ಪಕ್ಷದಲ್ಲಿ ಮೂರು ಗುಂಪುಗಳು ಸೃಷ್ಟಿಯಾಗಿವೆ. ಶಾಸಕ ಪ್ರದೀಪ್ ಈಶ್ವರ್ ಹಾಗೂ ಮಾಜಿ ಸಚಿವ ಡಾ. ಕೆ. ಸುಧಾಕರ್ ಬಣಗಳ ನಡುವೆ ಆರೋಪ ಪ್ರತ್ಯಾರೋಪಗಳು ನಡೆಯುತ್ತಿವೆ. ಕಾಂಗ್ರೆಸ್ ಮುಖಂಡರು ಪ್ರತ್ಯೇಕವಾಗಿ ಸುದ್ದಿಗೋಷ್ಠಿ ನಡೆಸಿ ಪರಸ್ಪರ ಆರೋಪಗಳನ್ನು ಮಾಡಿದರು. ಪಕ್ಷದ ವರಿಷ್ಠರು ಈ ಬಗ್ಗೆ ಗಮನಹರಿಸಬೇಕು ಎಂದು ಕಾರ್ಯಕರ್ತರು ಒತ್ತಾಯಿಸಿದರು. ನಗರಸಭೆ ಅಧ್ಯಕ್ಷರ ಆಯ್ಕೆಯಲ್ಲಿ ಪಕ್ಷದ ಕೆಲವು ಸದಸ್ಯರು ಅಡ್ಡ ಮತದಾನ ಮಾಡಿದ್ದಾರೆ ಎಂದು ಆರೋಪಿಸಲಾಗಿದೆ.

ಕಾಂಗ್ರೆಸ್ ಪಕ್ಷದ ಜಿಲ್ಲಾ ಅಧ್ಯಕ್ಷರು ಮಾತನಾಡಿ, ಪಕ್ಷಕ್ಕೆ ದ್ರೋಹ ಬಗೆದವರ ವಿರುದ್ಧ ಕಠಿಣ ಕ್ರಮ ಕೈಗೊಳ್ಳಲಾಗುವುದು. ಪಕ್ಷದ ಶಿಸ್ತು ಉಲ್ಲಂಘಿಸಿದವರನ್ನು ಪಕ್ಷದಿಂದ ಉಚ್ಚಾಟಿಸುವಂತೆ ಹೈಕಮಾಂಡ್‌ಗೆ ಶಿಫಾರಸು ಮಾಡಲಾಗುವುದು ಎಂದರು. ಕಾರ್ಯಕರ್ತರು ಪಕ್ಷದ ಸಿದ್ಧಾಂತಕ್ಕೆ ಬದ್ಧರಾಗಿರಬೇಕು. ಮುಂದಿನ ಸ್ಥಳೀಯ ಸಂಸ್ಥೆಗಳ ಚುನಾವಣೆಯಲ್ಲಿ ಪಕ್ಷ ಗೆಲುವು ಸಾಧಿಸಲು ಎಲ್ಲರೂ ಒಗ್ಗಟ್ಟಿನಿಂದ ಶ್ರಮಿಸಬೇಕು ಎಂದು ಮನವಿ ಮಾಡಿದರು.

ನಗರಸಭೆ ಸದಸ್ಯರು ಮಾತನಾಡಿ, ಅಧ್ಯಕ್ಷ ಸ್ಥಾನಕ್ಕೆ ಸ್ಪರ್ಧಿಸಿದ್ದ ಅಭ್ಯರ್ಥಿ ಪರವಾಗಿ ನಾವು ಮತ ಚಲಾಯಿಸಿದ್ದೇವೆ. ನಮ್ಮ ಮೇಲೆ ಸುಳ್ಳು ಆರೋಪ ಮಾಡಲಾಗುತ್ತಿದೆ. ಪಕ್ಷದ ನಿಷ್ಠಾವಂತ ಕಾರ್ಯಕರ್ತರಾಗಿ ನಾವು ಕೆಲಸ ಮಾಡುತ್ತಿದ್ದೇವೆ. ಪಕ್ಷದ ವರಿಷ್ಠರು ಸತ್ಯಾಸತ್ಯತೆ ಪರಿಶೀಲಿಸಿ ನಿರ್ಧಾರ ಕೈಗೊಳ್ಳಬೇಕು ಎಂದರು. ಸುದ್ದಿಗೋಷ್ಠಿಯಲ್ಲಿ ನಗರಸಭೆ ಸದಸ್ಯರು, ಕಾಂಗ್ರೆಸ್ ಮುಖಂಡರು ಹಾಜರಿದ್ದರು.

ಮಾಜಿ ಸಚಿವ ಡಾ. ಕೆ. ಸುಧಾಕರ್ ಬೆಂಬಲಿಗರು ಮಾತನಾಡಿ, ಪಕ್ಷದ ಹಿತದೃಷ್ಟಿಯಿಂದ ಎಲ್ಲರೂ ಒಟ್ಟಾಗಿ ಕೆಲಸ ಮಾಡಬೇಕು. ಗುಂಪುಗಾರಿಕೆ ಪಕ್ಷಕ್ಕೆ ಹಾನಿಕಾರಕ. ಪಕ್ಷದ ಹಿರಿಯ ಮುಖಂಡರು ಮಧ್ಯಪ್ರವೇಶಿಸಿ ಸಮಸ್ಯೆ ಬಗೆಹರಿಸಬೇಕು. ನಗರದ ಅಭಿವೃದ್ಧಿಗೆ ಎಲ್ಲರೂ ಕೈಜೋಡಿಸಬೇಕು ಎಂದರು. ಸುದ್ದಿಗೋಷ್ಠಿಯಲ್ಲಿ ಮುಖಂಡರಾದ ಗೋಪಾಲ್, ಅಶೋಕ್, ಕೃಷ್ಣಮೂರ್ತಿ, ವೆಂಕಟೇಶ್ ಉಪಸ್ಥಿತರಿದ್ದರು.

ಚಿಕ್ಕಬಳ್ಳಾಪುರ ನಗರಸಭೆ ಅಧ್ಯಕ್ಷ ಉಪಾಧ್ಯಕ್ಷ ಚುನಾವಣೆ ಮುಗಿದ ಬಳಿಕ ಕಾಂಗ್ರೆಸ್ ಪಕ್ಷದಲ್ಲಿ ಮೂರು ಗುಂಪುಗಳು ಸೃಷ್ಟಿಯಾಗಿವೆ. ಶಾಸಕ ಪ್ರದೀಪ್ ಈಶ್ವರ್ ಹಾಗೂ ಮಾಜಿ ಸಚಿವ ಡಾ. ಕೆ. ಸುಧಾಕರ್ ಬಣಗಳ ನಡುವೆ ಆರೋಪ ಪ್ರತ್ಯಾರೋಪಗಳು ನಡೆಯುತ್ತಿವೆ. ಕಾಂಗ್ರೆಸ್ ಮುಖಂಡರು ಪ್ರತ್ಯೇಕವಾಗಿ ಸುದ್ದಿಗೋಷ್ಠಿ ನಡೆಸಿ ಪರಸ್ಪರ ಆರೋಪಗಳನ್ನು ಮಾಡಿದರು. ಪಕ್ಷದ ವರಿಷ್ಠರು ಈ ಬಗ್ಗೆ ಗಮನಹರಿಸಬೇಕು ಎಂದು ಕಾರ್ಯಕರ್ತರು ಒತ್ತಾಯಿಸಿದರು. ನಗರಸಭೆ ಅಧ್ಯಕ್ಷರ ಆಯ್ಕೆಯಲ್ಲಿ ಪಕ್ಷದ ಕೆಲವು ಸದಸ್ಯರು ಅಡ್ಡ ಮತದಾನ ಮಾಡಿದ್ದಾರೆ ಎಂದು ಆರೋಪಿಸಲಾಗಿದೆ.

ಶ್ರೀಅಕ್ಷಯ ಕ್ರೆಡಿಟ್ ಸೌಹಾರ್ದ ಸಹಕಾರಿ ಸಂಘದ ಸರ್ವ ಸದಸ್ಯರ ಸಭೆ

ಚಿಕ್ಕಬಳ್ಳಾಪುರ: ಶ್ರೀಕ್ಷೇತ್ರ ಮುಳಕಲಮಂಗಲ ಮಠದಲ್ಲಿ ಶ್ರೀ ಅಕ್ಷಯ ಕ್ರೆಡಿಟ್ ಸೌಹಾರ್ದ ಸಹಕಾರಿ ಸಂಘದ 14ನೇ ವಾರ್ಷಿಕ ಸರ್ವ ಸದಸ್ಯರ ಸಭೆ ನಡೆಯಿತು. ಕಾರ್ಯಕ್ರಮವನ್ನು ಉದ್ಘಾಟಿಸಿ ಮಾತನಾಡಿದ ಸಂಘದ ಅಧ್ಯಕ್ಷರು, ಸಂಘವು 14 ವರ್ಷಗಳಿಂದ ಸದಸ್ಯರ ವಿಶ್ವಾಸದೊಂದಿಗೆ ಉತ್ತಮವಾಗಿ ಕಾರ್ಯನಿರ್ವಹಿಸುತ್ತಿದೆ. ಈ ವರ್ಷ ಸಂಘವು ಉತ್ತಮ ಲಾಭ ಗಳಿಸಿದ್ದು ಸದಸ್ಯರಿಗೆ ಡಿವಿಡೆಂಡ್ ವಿತರಿಸಲಾಗುವುದು. ಸಹಕಾರ ಕ್ಷೇತ್ರದಲ್ಲಿ ಸಂಘವು ಗ್ರಾಹಕರ ನಂಬಿಕೆ ಗಳಿಸಿದೆ ಎಂದರು. ಮುಂದಿನ ದಿನಗಳಲ್ಲಿ ಸಂಘದ ನೂತನ ಶಾಖೆಗಳನ್ನು ಆರಂಭಿಸುವ ಯೋಜನೆ ಇದೆ. ಸದಸ್ಯರು ಸಂಘದ ಅಭಿವೃದ್ಧಿಗೆ ಸಹಕರಿಸಬೇಕು ಎಂದು ಮನವಿ ಮಾಡಿದರು. ಕೇಂದ್ರ ಸರ್ಕಾರದ ಸಹಕಾರ ಸಚಿವಾಲಯವು ಸೌಹಾರ್ದ ಸಹಕಾರಿ ಸಂಘಗಳಿಗೆ ಹಲವು ಯೋಜನೆಗಳನ್ನು ಜಾರಿಗೊಳಿಸಿದೆ. ಸಭೆಯಲ್ಲಿ ಸಂಘದ ಉಪಾಧ್ಯಕ್ಷರು, ನಿರ್ದೇಶಕರು, ಮುಖ್ಯ ಕಾರ್ಯನಿರ್ವಾಹಕ ಅಧಿಕಾರಿ, ಸಿಬ್ಬಂದಿ ವರ್ಗ ಹಾಗೂ ಸದಸ್ಯರು ಉಪಸ್ಥಿತರಿದ್ದರು.
